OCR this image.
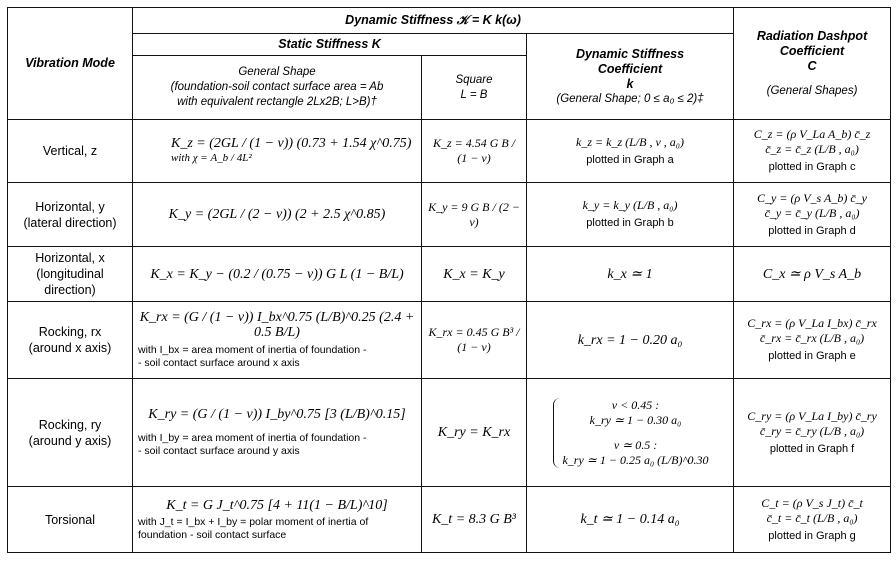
Vibration Mode	Dynamic Stiffness 𝒦 = K k(ω)			Radiation Dashpot
Coefficient
C
(General Shapes)

	Static Stiffness K		Dynamic Stiffness
Coefficient
k
(General Shape; 0 ≤ a₀ ≤ 2)‡	

	General Shape
(foundation-soil contact surface area = Ab
with equivalent rectangle 2Lx2B; L>B)†	Square
L = B		

Vertical, z	K_z = (2GL / (1 − ν)) (0.73 + 1.54 χ^0.75)
with χ = A_b / 4L²	K_z = 4.54 G B / (1 − ν)	k_z = k_z (L/B , ν , a₀)
plotted in Graph a	C_z = (ρ V_La A_b) c̄_z
c̄_z = c̄_z (L/B , a₀)
plotted in Graph c

Horizontal, y
(lateral direction)	K_y = (2GL / (2 − ν)) (2 + 2.5 χ^0.85)	K_y = 9 G B / (2 − ν)	k_y = k_y (L/B , a₀)
plotted in Graph b	C_y = (ρ V_s A_b) c̄_y
c̄_y = c̄_y (L/B , a₀)
plotted in Graph d

Horizontal, x
(longitudinal
direction)	K_x = K_y − (0.2 / (0.75 − ν)) G L (1 − B/L)	K_x = K_y	k_x ≃ 1	C_x ≃ ρ V_s A_b

Rocking, rx
(around x axis)	K_rx = (G / (1 − ν)) I_bx^0.75 (L/B)^0.25 (2.4 + 0.5 B/L)
with I_bx = area moment of inertia of foundation -
- soil contact surface around x axis	K_rx = 0.45 G B³ / (1 − ν)	k_rx = 1 − 0.20 a₀	C_rx = (ρ V_La I_bx) c̄_rx
c̄_rx = c̄_rx (L/B , a₀)
plotted in Graph e

Rocking, ry
(around y axis)	K_ry = (G / (1 − ν)) I_by^0.75 [3 (L/B)^0.15]
with I_by = area moment of inertia of foundation -
- soil contact surface around y axis	K_ry = K_rx	ν < 0.45 :
k_ry ≃ 1 − 0.30 a₀
ν ≃ 0.5 :
k_ry ≃ 1 − 0.25 a₀ (L/B)^0.30	C_ry = (ρ V_La I_by) c̄_ry
c̄_ry = c̄_ry (L/B , a₀)
plotted in Graph f

Torsional	K_t = G J_t^0.75 [4 + 11(1 − B/L)^10]
with J_t = I_bx + I_by = polar moment of inertia of
foundation - soil contact surface	K_t = 8.3 G B³	k_t ≃ 1 − 0.14 a₀	C_t = (ρ V_s J_t) c̄_t
c̄_t = c̄_t (L/B , a₀)
plotted in Graph g
